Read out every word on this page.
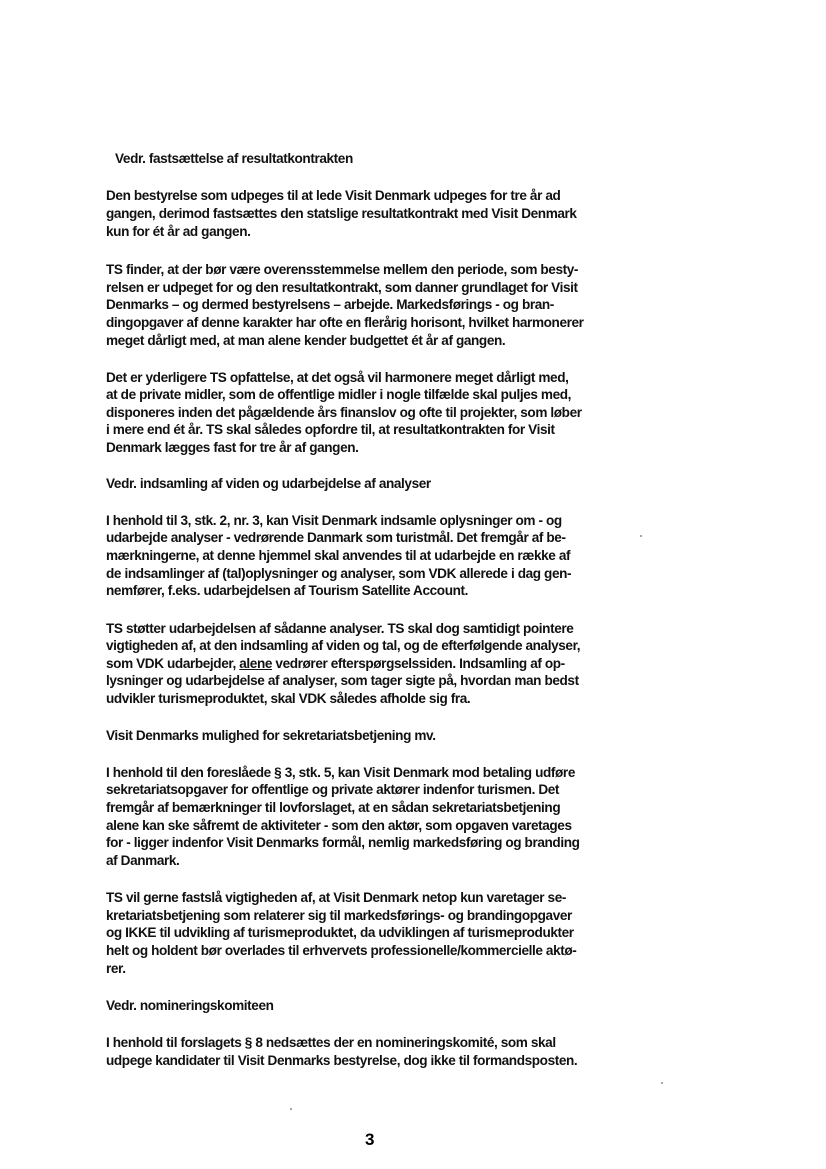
Vedr. fastsættelse af resultatkontrakten
Den bestyrelse som udpeges til at lede Visit Denmark udpeges for tre år ad
gangen, derimod fastsættes den statslige resultatkontrakt med Visit Denmark
kun for ét år ad gangen.
TS finder, at der bør være overensstemmelse mellem den periode, som besty-
relsen er udpeget for og den resultatkontrakt, som danner grundlaget for Visit
Denmarks – og dermed bestyrelsens – arbejde. Markedsførings - og bran-
dingopgaver af denne karakter har ofte en flerårig horisont, hvilket harmonerer
meget dårligt med, at man alene kender budgettet ét år af gangen.
Det er yderligere TS opfattelse, at det også vil harmonere meget dårligt med,
at de private midler, som de offentlige midler i nogle tilfælde skal puljes med,
disponeres inden det pågældende års finanslov og ofte til projekter, som løber
i mere end ét år. TS skal således opfordre til, at resultatkontrakten for Visit
Denmark lægges fast for tre år af gangen.
Vedr. indsamling af viden og udarbejdelse af analyser
I henhold til 3, stk. 2, nr. 3, kan Visit Denmark indsamle oplysninger om - og
udarbejde analyser - vedrørende Danmark som turistmål. Det fremgår af be-
mærkningerne, at denne hjemmel skal anvendes til at udarbejde en række af
de indsamlinger af (tal)oplysninger og analyser, som VDK allerede i dag gen-
nemfører, f.eks. udarbejdelsen af Tourism Satellite Account.
TS støtter udarbejdelsen af sådanne analyser. TS skal dog samtidigt pointere
vigtigheden af, at den indsamling af viden og tal, og de efterfølgende analyser,
som VDK udarbejder, alene vedrører efterspørgselssiden. Indsamling af op-
lysninger og udarbejdelse af analyser, som tager sigte på, hvordan man bedst
udvikler turismeproduktet, skal VDK således afholde sig fra.
Visit Denmarks mulighed for sekretariatsbetjening mv.
I henhold til den foreslåede § 3, stk. 5, kan Visit Denmark mod betaling udføre
sekretariatsopgaver for offentlige og private aktører indenfor turismen. Det
fremgår af bemærkninger til lovforslaget, at en sådan sekretariatsbetjening
alene kan ske såfremt de aktiviteter - som den aktør, som opgaven varetages
for - ligger indenfor Visit Denmarks formål, nemlig markedsføring og branding
af Danmark.
TS vil gerne fastslå vigtigheden af, at Visit Denmark netop kun varetager se-
kretariatsbetjening som relaterer sig til markedsførings- og brandingopgaver
og IKKE til udvikling af turismeproduktet, da udviklingen af turismeprodukter
helt og holdent bør overlades til erhvervets professionelle/kommercielle aktø-
rer.
Vedr. nomineringskomiteen
I henhold til forslagets § 8 nedsættes der en nomineringskomité, som skal
udpege kandidater til Visit Denmarks bestyrelse, dog ikke til formandsposten.
3
